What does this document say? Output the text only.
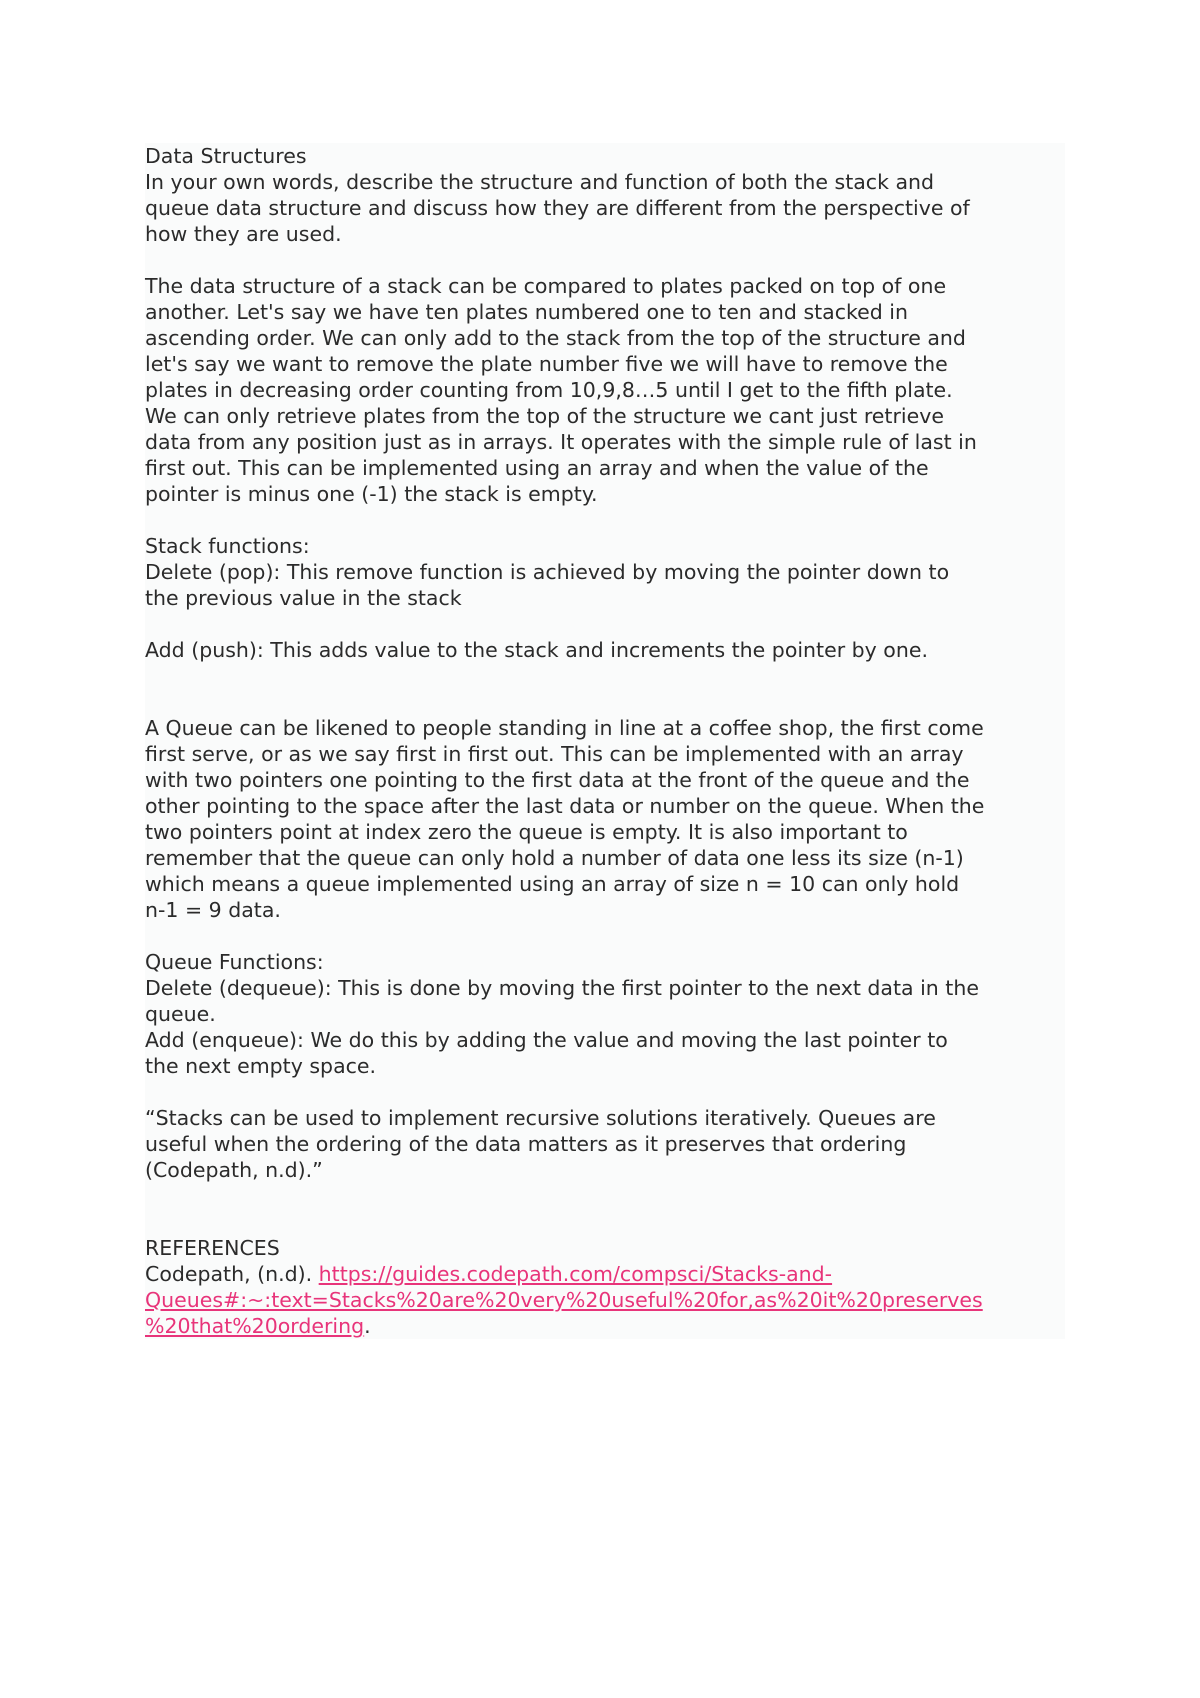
Data Structures
In your own words, describe the structure and function of both the stack and
queue data structure and discuss how they are different from the perspective of
how they are used.
The data structure of a stack can be compared to plates packed on top of one
another. Let's say we have ten plates numbered one to ten and stacked in
ascending order. We can only add to the stack from the top of the structure and
let's say we want to remove the plate number five we will have to remove the
plates in decreasing order counting from 10,9,8…5 until I get to the fifth plate.
We can only retrieve plates from the top of the structure we cant just retrieve
data from any position just as in arrays. It operates with the simple rule of last in
first out. This can be implemented using an array and when the value of the
pointer is minus one (-1) the stack is empty.
Stack functions:
Delete (pop): This remove function is achieved by moving the pointer down to
the previous value in the stack
Add (push): This adds value to the stack and increments the pointer by one.
A Queue can be likened to people standing in line at a coffee shop, the first come
first serve, or as we say first in first out. This can be implemented with an array
with two pointers one pointing to the first data at the front of the queue and the
other pointing to the space after the last data or number on the queue. When the
two pointers point at index zero the queue is empty. It is also important to
remember that the queue can only hold a number of data one less its size (n-1)
which means a queue implemented using an array of size n = 10 can only hold
n-1 = 9 data.
Queue Functions:
Delete (dequeue): This is done by moving the first pointer to the next data in the
queue.
Add (enqueue): We do this by adding the value and moving the last pointer to
the next empty space.
“Stacks can be used to implement recursive solutions iteratively. Queues are
useful when the ordering of the data matters as it preserves that ordering
(Codepath, n.d).”
REFERENCES
Codepath, (n.d). https://guides.codepath.com/compsci/Stacks-and-
Queues#:~:text=Stacks%20are%20very%20useful%20for,as%20it%20preserves
%20that%20ordering.
